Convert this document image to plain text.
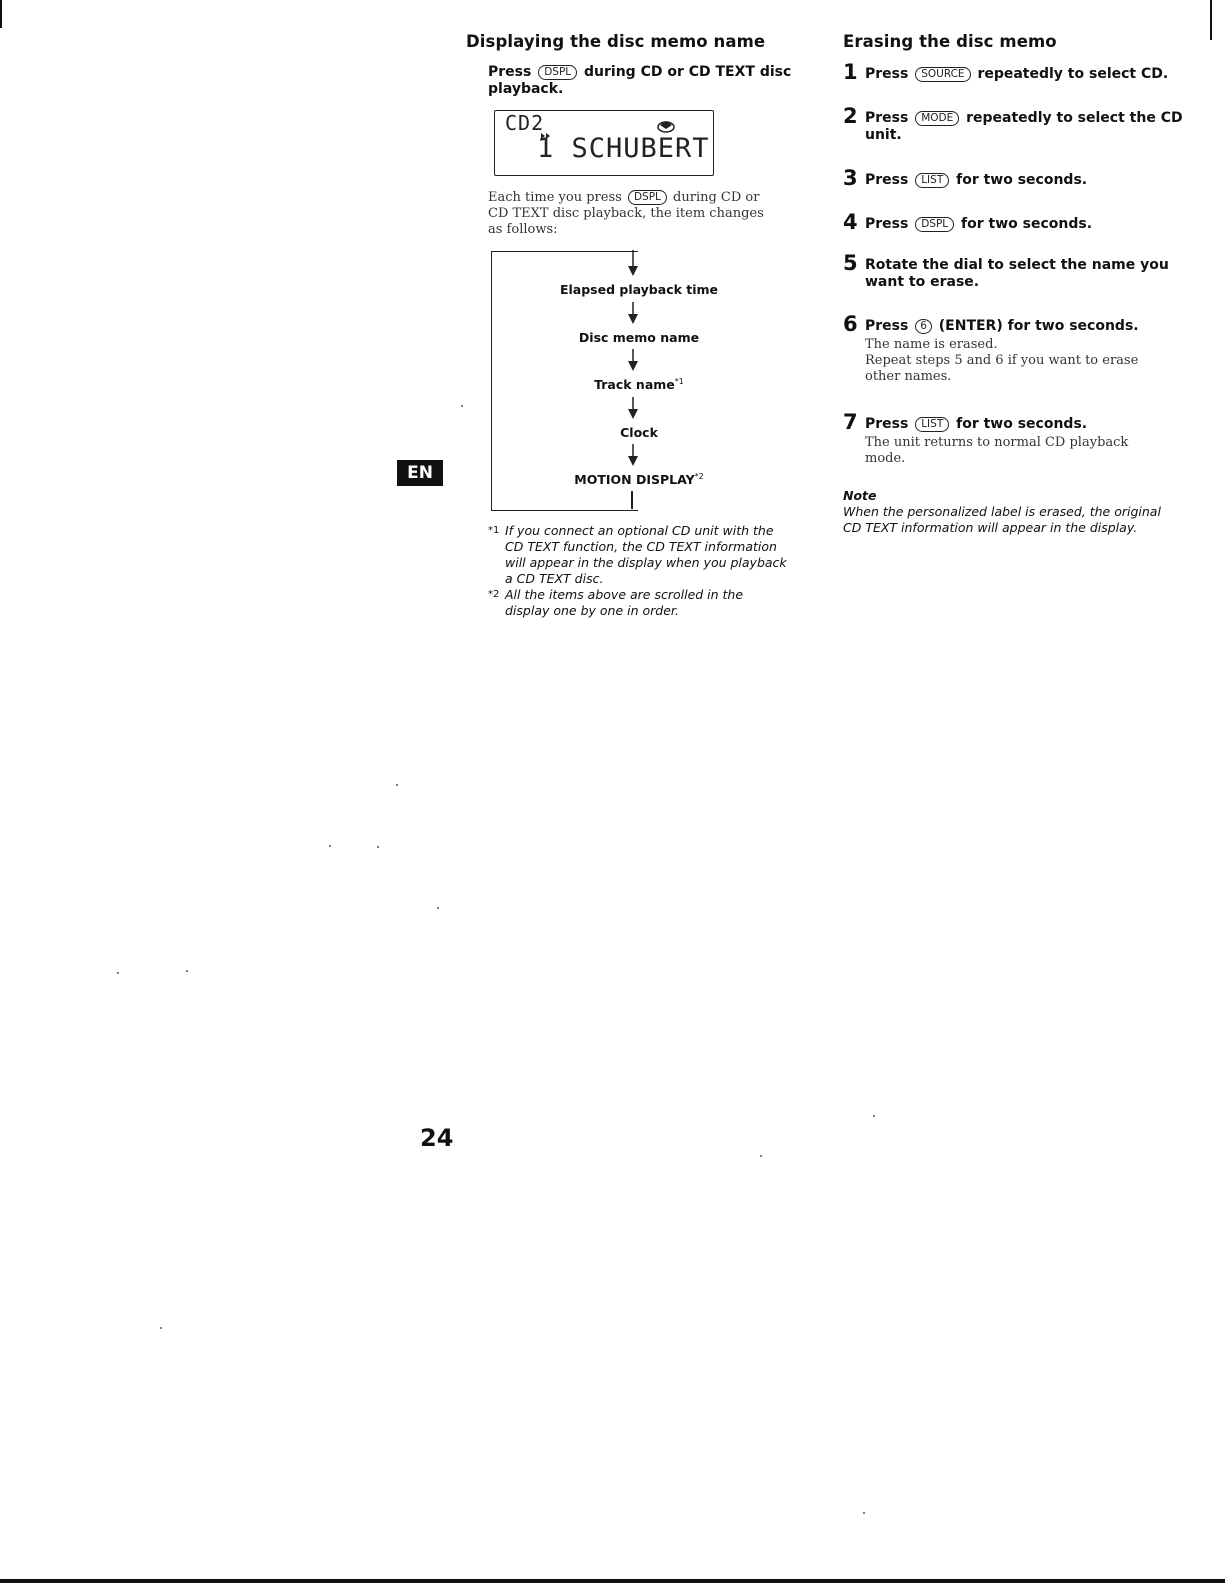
Displaying the disc memo name
Press DSPL during CD or CD TEXT disc
playback.
CD2
1 SCHUBERT
Each time you press DSPL during CD or
CD TEXT disc playback, the item changes
as follows:
Elapsed playback time
Disc memo name
Track name$^{*1}$
Clock
MOTION DISPLAY$^{*2}$
*1 If you connect an optional CD unit with the
CD TEXT function, the CD TEXT information
will appear in the display when you playback
a CD TEXT disc.
*2 All the items above are scrolled in the
display one by one in order.
Erasing the disc memo
1 Press SOURCE repeatedly to select CD.
2 Press MODE repeatedly to select the CD
unit.
3 Press LIST for two seconds.
4 Press DSPL for two seconds.
5 Rotate the dial to select the name you
want to erase.
6 Press 6 (ENTER) for two seconds.
The name is erased.
Repeat steps 5 and 6 if you want to erase
other names.
7 Press LIST for two seconds.
The unit returns to normal CD playback
mode.
Note
When the personalized label is erased, the original
CD TEXT information will appear in the display.
EN
24
